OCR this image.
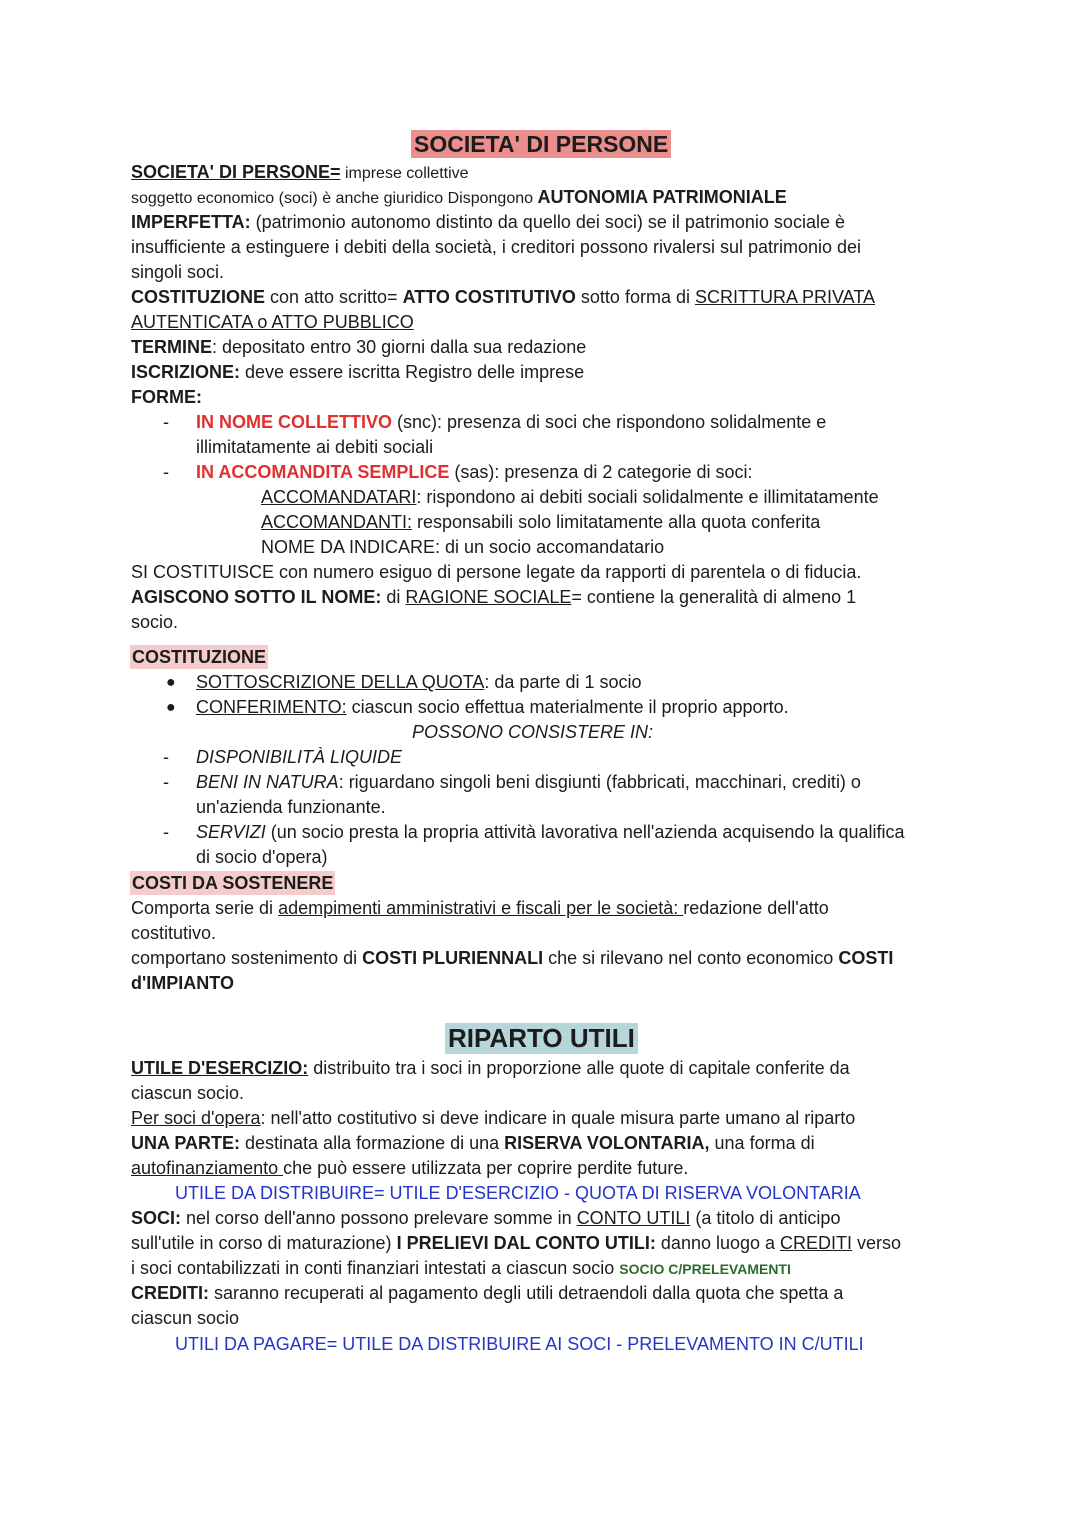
SOCIETA' DI PERSONE
SOCIETA' DI PERSONE= imprese collettive
soggetto economico (soci) è anche giuridico Dispongono AUTONOMIA PATRIMONIALE
IMPERFETTA: (patrimonio autonomo distinto da quello dei soci) se il patrimonio sociale è
insufficiente a estinguere i debiti della società, i creditori possono rivalersi sul patrimonio dei
singoli soci.
COSTITUZIONE con atto scritto= ATTO COSTITUTIVO sotto forma di SCRITTURA PRIVATA
AUTENTICATA o ATTO PUBBLICO
TERMINE: depositato entro 30 giorni dalla sua redazione
ISCRIZIONE: deve essere iscritta Registro delle imprese
FORME:
- IN NOME COLLETTIVO (snc): presenza di soci che rispondono solidalmente e
illimitatamente ai debiti sociali
- IN ACCOMANDITA SEMPLICE (sas): presenza di 2 categorie di soci:
ACCOMANDATARI: rispondono ai debiti sociali solidalmente e illimitatamente
ACCOMANDANTI: responsabili solo limitatamente alla quota conferita
NOME DA INDICARE: di un socio accomandatario
SI COSTITUISCE con numero esiguo di persone legate da rapporti di parentela o di fiducia.
AGISCONO SOTTO IL NOME: di RAGIONE SOCIALE= contiene la generalità di almeno 1
socio.
COSTITUZIONE
● SOTTOSCRIZIONE DELLA QUOTA: da parte di 1 socio
● CONFERIMENTO: ciascun socio effettua materialmente il proprio apporto.
POSSONO CONSISTERE IN:
- DISPONIBILITÀ LIQUIDE
- BENI IN NATURA: riguardano singoli beni disgiunti (fabbricati, macchinari, crediti) o
un'azienda funzionante.
- SERVIZI (un socio presta la propria attività lavorativa nell'azienda acquisendo la qualifica
di socio d'opera)
COSTI DA SOSTENERE
Comporta serie di adempimenti amministrativi e fiscali per le società: redazione dell'atto
costitutivo.
comportano sostenimento di COSTI PLURIENNALI che si rilevano nel conto economico COSTI
d'IMPIANTO
RIPARTO UTILI
UTILE D'ESERCIZIO: distribuito tra i soci in proporzione alle quote di capitale conferite da
ciascun socio.
Per soci d'opera: nell'atto costitutivo si deve indicare in quale misura parte umano al riparto
UNA PARTE: destinata alla formazione di una RISERVA VOLONTARIA, una forma di
autofinanziamento che può essere utilizzata per coprire perdite future.
UTILE DA DISTRIBUIRE= UTILE D'ESERCIZIO - QUOTA DI RISERVA VOLONTARIA
SOCI: nel corso dell'anno possono prelevare somme in CONTO UTILI (a titolo di anticipo
sull'utile in corso di maturazione) I PRELIEVI DAL CONTO UTILI: danno luogo a CREDITI verso
i soci contabilizzati in conti finanziari intestati a ciascun socio SOCIO C/PRELEVAMENTI
CREDITI: saranno recuperati al pagamento degli utili detraendoli dalla quota che spetta a
ciascun socio
UTILI DA PAGARE= UTILE DA DISTRIBUIRE AI SOCI - PRELEVAMENTO IN C/UTILI
